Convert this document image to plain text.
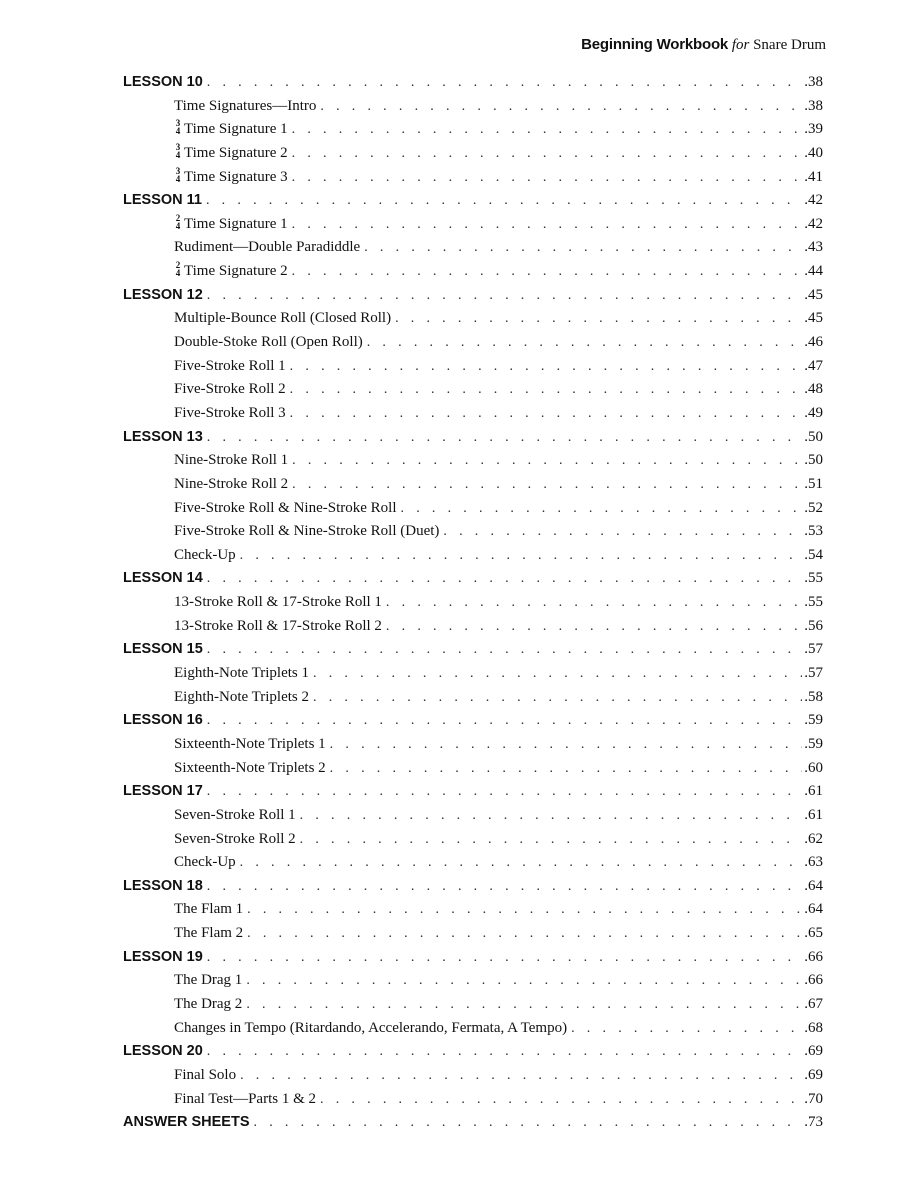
Beginning Workbook for Snare Drum
LESSON 10 . . .	.38
Time Signatures—Intro . . .	.38
3
4 Time Signature 1 . . .	.39
3
4 Time Signature 2 . . .	.40
3
4 Time Signature 3 . . .	.41
LESSON 11 . . .	.42
2
4 Time Signature 1 . . .	.42
Rudiment—Double Paradiddle . . .	.43
2
4 Time Signature 2 . . .	.44
LESSON 12 . . .	.45
Multiple-Bounce Roll (Closed Roll) . . .	.45
Double-Stoke Roll (Open Roll) . . .	.46
Five-Stroke Roll 1 . . .	.47
Five-Stroke Roll 2 . . .	.48
Five-Stroke Roll 3 . . .	.49
LESSON 13 . . .	.50
Nine-Stroke Roll 1 . . .	.50
Nine-Stroke Roll 2 . . .	.51
Five-Stroke Roll & Nine-Stroke Roll . . .	.52
Five-Stroke Roll & Nine-Stroke Roll (Duet) . . .	.53
Check-Up . . .	.54
LESSON 14 . . .	.55
13-Stroke Roll & 17-Stroke Roll 1 . . .	.55
13-Stroke Roll & 17-Stroke Roll 2 . . .	.56
LESSON 15 . . .	.57
Eighth-Note Triplets 1 . . .	.57
Eighth-Note Triplets 2 . . .	.58
LESSON 16 . . .	.59
Sixteenth-Note Triplets 1 . . .	.59
Sixteenth-Note Triplets 2 . . .	.60
LESSON 17 . . .	.61
Seven-Stroke Roll 1 . . .	.61
Seven-Stroke Roll 2 . . .	.62
Check-Up . . .	.63
LESSON 18 . . .	.64
The Flam 1 . . .	.64
The Flam 2 . . .	.65
LESSON 19 . . .	.66
The Drag 1 . . .	.66
The Drag 2 . . .	.67
Changes in Tempo (Ritardando, Accelerando, Fermata, A Tempo) . . .	.68
LESSON 20 . . .	.69
Final Solo . . .	.69
Final Test—Parts 1 & 2 . . .	.70
ANSWER SHEETS . . .	.73
